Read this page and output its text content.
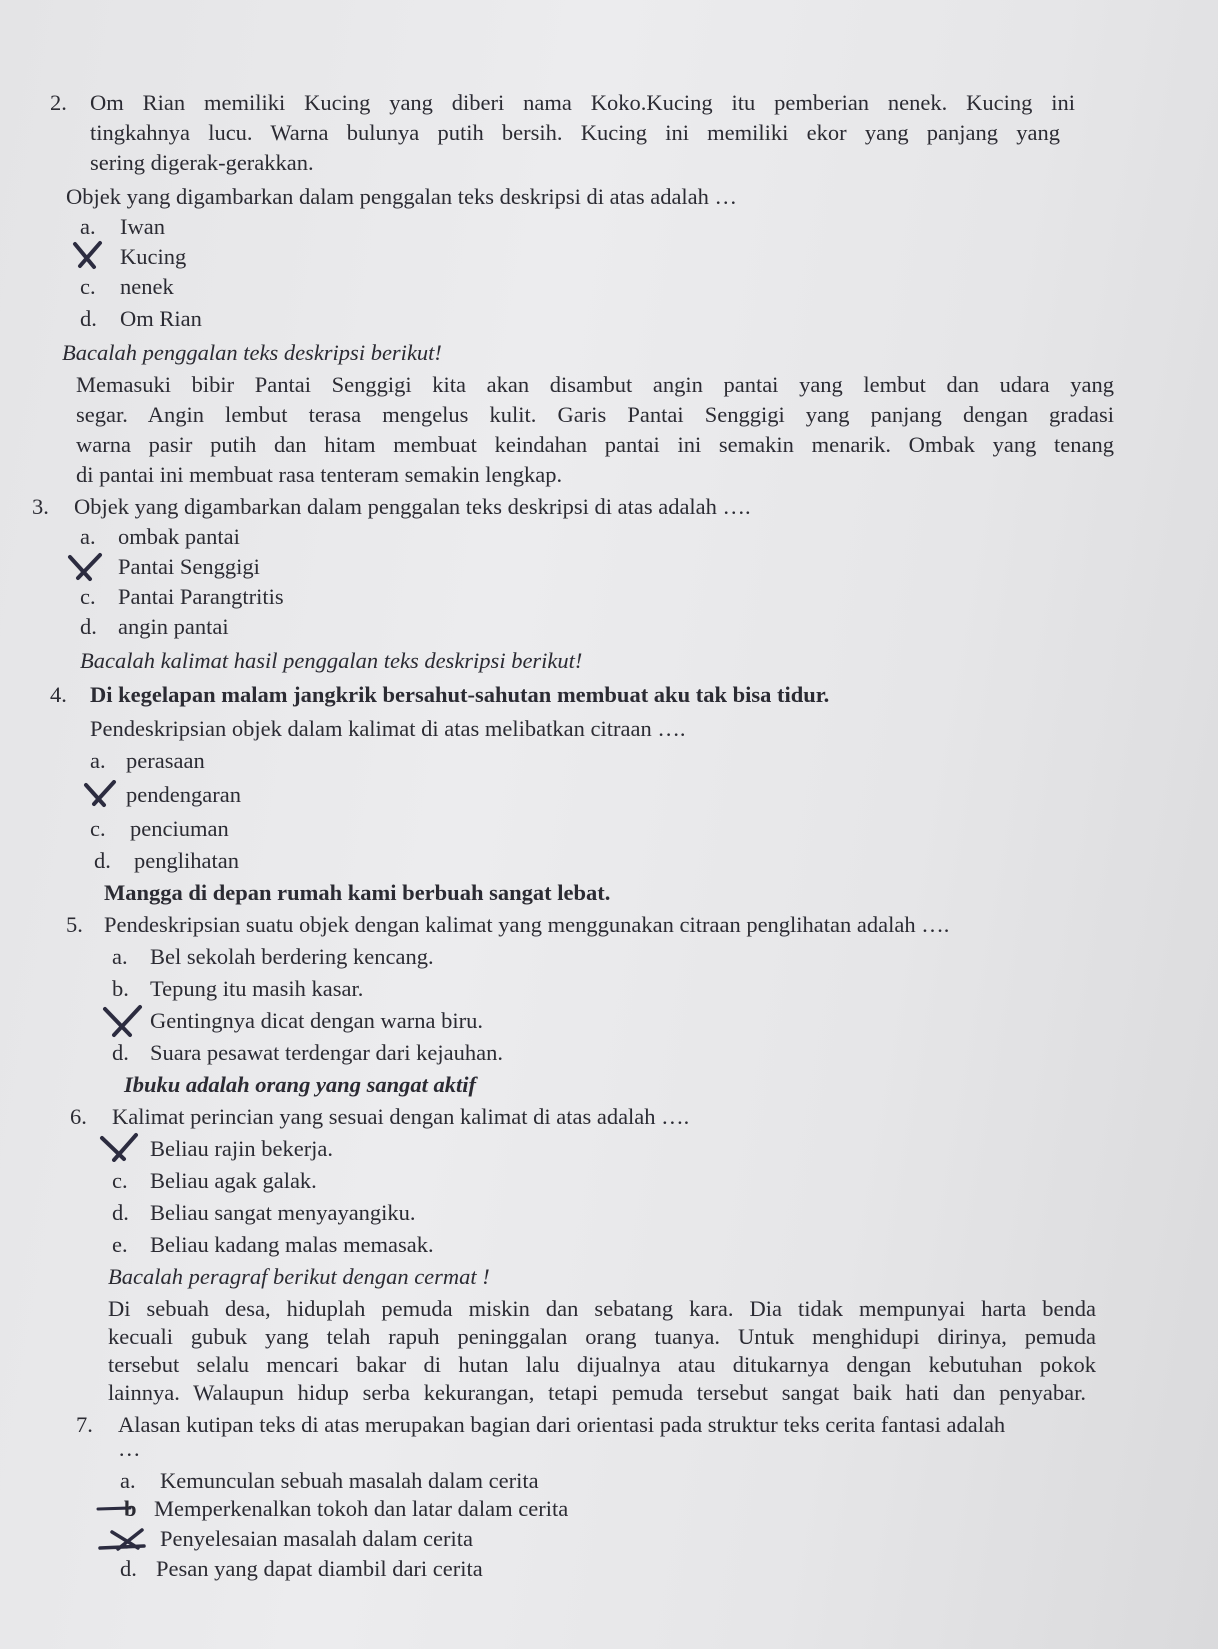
2. Om Rian memiliki Kucing yang diberi nama Koko.Kucing itu pemberian nenek. Kucing ini
tingkahnya lucu. Warna bulunya putih bersih. Kucing ini memiliki ekor yang panjang yang
sering digerak-gerakkan.
Objek yang digambarkan dalam penggalan teks deskripsi di atas adalah …
a. Iwan
Kucing
c. nenek
d. Om Rian
Bacalah penggalan teks deskripsi berikut!
Memasuki bibir Pantai Senggigi kita akan disambut angin pantai yang lembut dan udara yang
segar. Angin lembut terasa mengelus kulit. Garis Pantai Senggigi yang panjang dengan gradasi
warna pasir putih dan hitam membuat keindahan pantai ini semakin menarik. Ombak yang tenang
di pantai ini membuat rasa tenteram semakin lengkap.
3. Objek yang digambarkan dalam penggalan teks deskripsi di atas adalah ….
a. ombak pantai
Pantai Senggigi
c. Pantai Parangtritis
d. angin pantai
Bacalah kalimat hasil penggalan teks deskripsi berikut!
4. Di kegelapan malam jangkrik bersahut-sahutan membuat aku tak bisa tidur.
Pendeskripsian objek dalam kalimat di atas melibatkan citraan ….
a. perasaan
pendengaran
c. penciuman
d. penglihatan
Mangga di depan rumah kami berbuah sangat lebat.
5. Pendeskripsian suatu objek dengan kalimat yang menggunakan citraan penglihatan adalah ….
a. Bel sekolah berdering kencang.
b. Tepung itu masih kasar.
Gentingnya dicat dengan warna biru.
d. Suara pesawat terdengar dari kejauhan.
Ibuku adalah orang yang sangat aktif
6. Kalimat perincian yang sesuai dengan kalimat di atas adalah ….
Beliau rajin bekerja.
c. Beliau agak galak.
d. Beliau sangat menyayangiku.
e. Beliau kadang malas memasak.
Bacalah peragraf berikut dengan cermat !
Di sebuah desa, hiduplah pemuda miskin dan sebatang kara. Dia tidak mempunyai harta benda
kecuali gubuk yang telah rapuh peninggalan orang tuanya. Untuk menghidupi dirinya, pemuda
tersebut selalu mencari bakar di hutan lalu dijualnya atau ditukarnya dengan kebutuhan pokok
lainnya. Walaupun hidup serba kekurangan, tetapi pemuda tersebut sangat baik hati dan penyabar.
7. Alasan kutipan teks di atas merupakan bagian dari orientasi pada struktur teks cerita fantasi adalah
…
a. Kemunculan sebuah masalah dalam cerita
b Memperkenalkan tokoh dan latar dalam cerita
Penyelesaian masalah dalam cerita
d. Pesan yang dapat diambil dari cerita
